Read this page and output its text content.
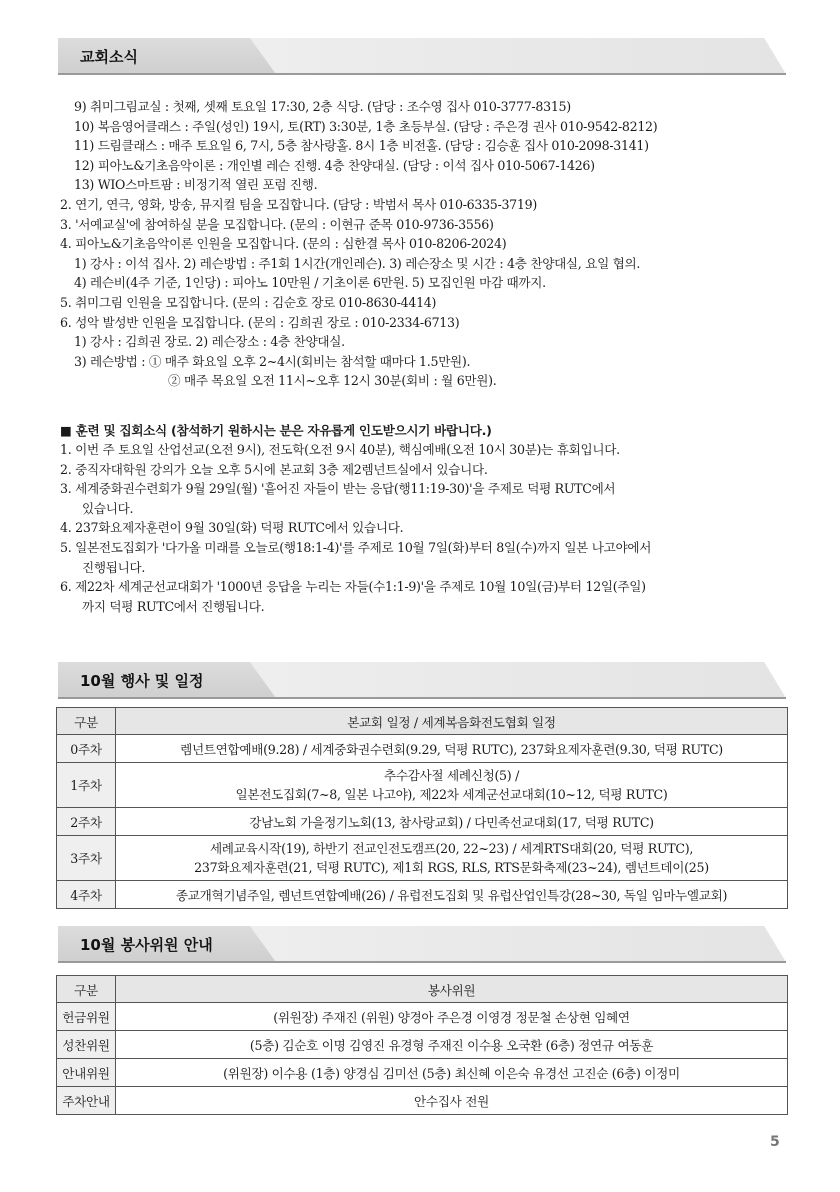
교회소식
9) 취미그림교실 : 첫째, 셋째 토요일 17:30, 2층 식당. (담당 : 조수영 집사 010-3777-8315)
10) 복음영어클래스 : 주일(성인) 19시, 토(RT) 3:30분, 1층 초등부실. (담당 : 주은경 권사 010-9542-8212)
11) 드림클래스 : 매주 토요일 6, 7시, 5층 참사랑홀. 8시 1층 비전홀. (담당 : 김승훈 집사 010-2098-3141)
12) 피아노&기초음악이론 : 개인별 레슨 진행. 4층 찬양대실. (담당 : 이석 집사 010-5067-1426)
13) WIO스마트팜 : 비정기적 열린 포럼 진행.
2. 연기, 연극, 영화, 방송, 뮤지컬 팀을 모집합니다. (담당 : 박범서 목사 010-6335-3719)
3. '서예교실'에 참여하실 분을 모집합니다. (문의 : 이현규 준목 010-9736-3556)
4. 피아노&기초음악이론 인원을 모집합니다. (문의 : 심한결 목사 010-8206-2024)
1) 강사 : 이석 집사. 2) 레슨방법 : 주1회 1시간(개인레슨). 3) 레슨장소 및 시간 : 4층 찬양대실, 요일 협의.
4) 레슨비(4주 기준, 1인당) : 피아노 10만원 / 기초이론 6만원. 5) 모집인원 마감 때까지.
5. 취미그림 인원을 모집합니다. (문의 : 김순호 장로 010-8630-4414)
6. 성악 발성반 인원을 모집합니다. (문의 : 김희권 장로 : 010-2334-6713)
1) 강사 : 김희권 장로. 2) 레슨장소 : 4층 찬양대실.
3) 레슨방법 : ① 매주 화요일 오후 2~4시(회비는 참석할 때마다 1.5만원).
② 매주 목요일 오전 11시~오후 12시 30분(회비 : 월 6만원).
■ 훈련 및 집회소식 (참석하기 원하시는 분은 자유롭게 인도받으시기 바랍니다.)
1. 이번 주 토요일 산업선교(오전 9시), 전도학(오전 9시 40분), 핵심예배(오전 10시 30분)는 휴회입니다.
2. 중직자대학원 강의가 오늘 오후 5시에 본교회 3층 제2렘넌트실에서 있습니다.
3. 세계중화권수련회가 9월 29일(월) '흩어진 자들이 받는 응답(행11:19-30)'을 주제로 덕평 RUTC에서
있습니다.
4. 237화요제자훈련이 9월 30일(화) 덕평 RUTC에서 있습니다.
5. 일본전도집회가 '다가올 미래를 오늘로(행18:1-4)'를 주제로 10월 7일(화)부터 8일(수)까지 일본 나고야에서
진행됩니다.
6. 제22차 세계군선교대회가 '1000년 응답을 누리는 자들(수1:1-9)'을 주제로 10월 10일(금)부터 12일(주일)
까지 덕평 RUTC에서 진행됩니다.
10월 행사 및 일정
구분	본교회 일정 / 세계복음화전도협회 일정
0주차	렘넌트연합예배(9.28) / 세계중화권수련회(9.29, 덕평 RUTC), 237화요제자훈련(9.30, 덕평 RUTC)

1주차	추수감사절 세례신청(5) /
일본전도집회(7~8, 일본 나고야), 제22차 세계군선교대회(10~12, 덕평 RUTC)

2주차	강남노회 가을정기노회(13, 참사랑교회) / 다민족선교대회(17, 덕평 RUTC)

3주차	세례교육시작(19), 하반기 전교인전도캠프(20, 22~23) / 세계RTS대회(20, 덕평 RUTC),
237화요제자훈련(21, 덕평 RUTC), 제1회 RGS, RLS, RTS문화축제(23~24), 렘넌트데이(25)

4주차	종교개혁기념주일, 렘넌트연합예배(26) / 유럽전도집회 및 유럽산업인특강(28~30, 독일 임마누엘교회)
10월 봉사위원 안내
구분	봉사위원
헌금위원	(위원장) 주재진 (위원) 양경아 주은경 이영경 정문철 손상현 임혜연
성찬위원	(5층) 김순호 이명 김영진 유경형 주재진 이수용 오국환 (6층) 정연규 여동훈
안내위원	(위원장) 이수용 (1층) 양경심 김미선 (5층) 최신혜 이은숙 유경선 고진순 (6층) 이정미
주차안내	안수집사 전원
5
